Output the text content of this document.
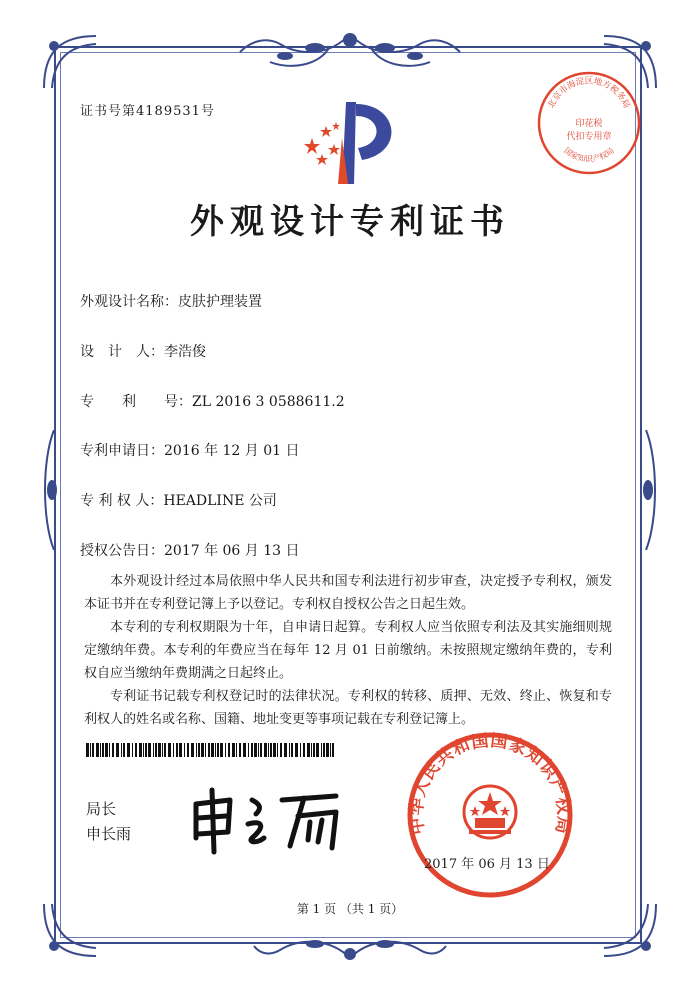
证书号第4189531号
外观设计专利证书
外观设计名称：皮肤护理装置
设　计　人：李浩俊
专　　利　　号：ZL 2016 3 0588611.2
专利申请日：2016 年 12 月 01 日
专 利 权 人：HEADLINE 公司
授权公告日：2017 年 06 月 13 日

本外观设计经过本局依照中华人民共和国专利法进行初步审查，决定授予专利权，颁发本证书并在专利登记簿上予以登记。专利权自授权公告之日起生效。

本专利的专利权期限为十年，自申请日起算。专利权人应当依照专利法及其实施细则规定缴纳年费。本专利的年费应当在每年 12 月 01 日前缴纳。未按照规定缴纳年费的，专利权自应当缴纳年费期满之日起终止。

专利证书记载专利权登记时的法律状况。专利权的转移、质押、无效、终止、恢复和专利权人的姓名或名称、国籍、地址变更等事项记载在专利登记簿上。

局长
申长雨
北京市海淀区地方税务局
印花税
代扣专用章
国家知识产权局
中华人民共和国国家知识产权局
2017 年 06 月 13 日
第 1 页 （共 1 页）
